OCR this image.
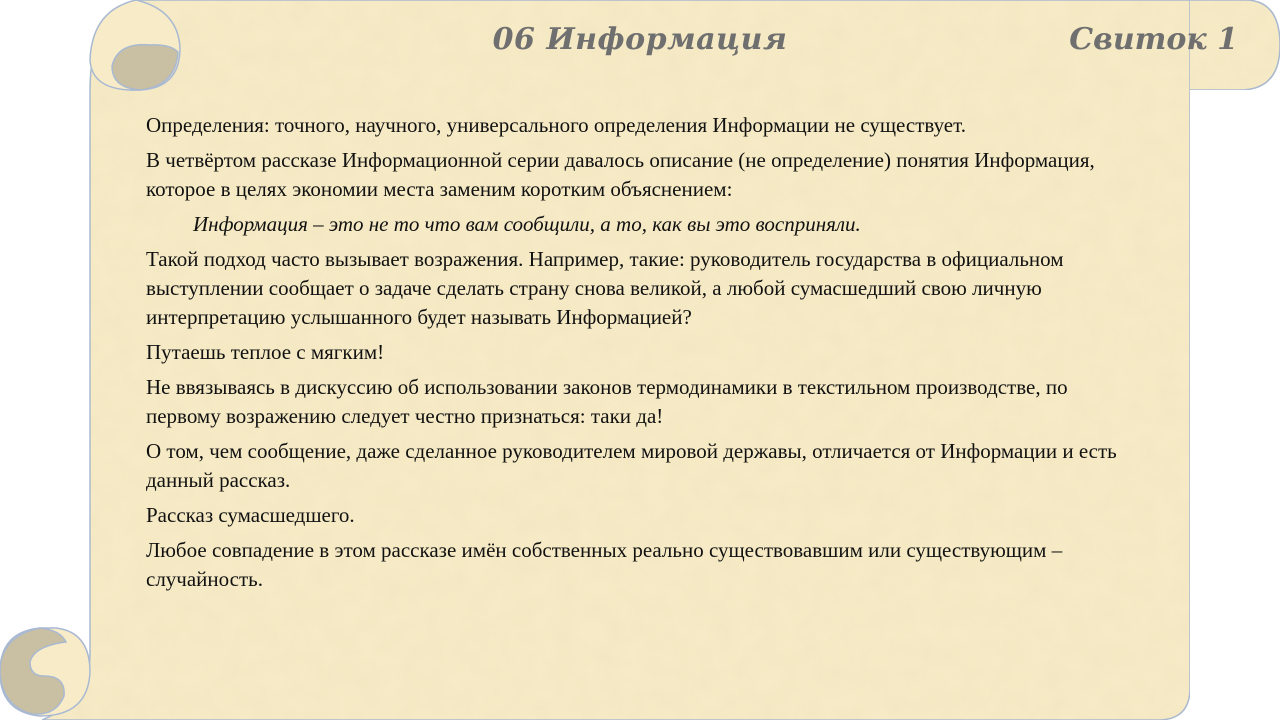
06 Информация	Свиток 1

Определения: точного, научного, универсального определения Информации не существует.

В четвёртом рассказе Информационной серии давалось описание (не определение) понятия Информация, которое в целях экономии места заменим коротким объяснением:

Информация – это не то что вам сообщили, а то, как вы это восприняли.

Такой подход часто вызывает возражения. Например, такие: руководитель государства в официальном выступлении сообщает о задаче сделать страну снова великой, а любой сумасшедший свою личную интерпретацию услышанного будет называть Информацией?

Путаешь теплое с мягким!

Не ввязываясь в дискуссию об использовании законов термодинамики в текстильном производстве, по первому возражению следует честно признаться: таки да!

О том, чем сообщение, даже сделанное руководителем мировой державы, отличается от Информации и есть данный рассказ.

Рассказ сумасшедшего.

Любое совпадение в этом рассказе имён собственных реально существовавшим или существующим – случайность.
